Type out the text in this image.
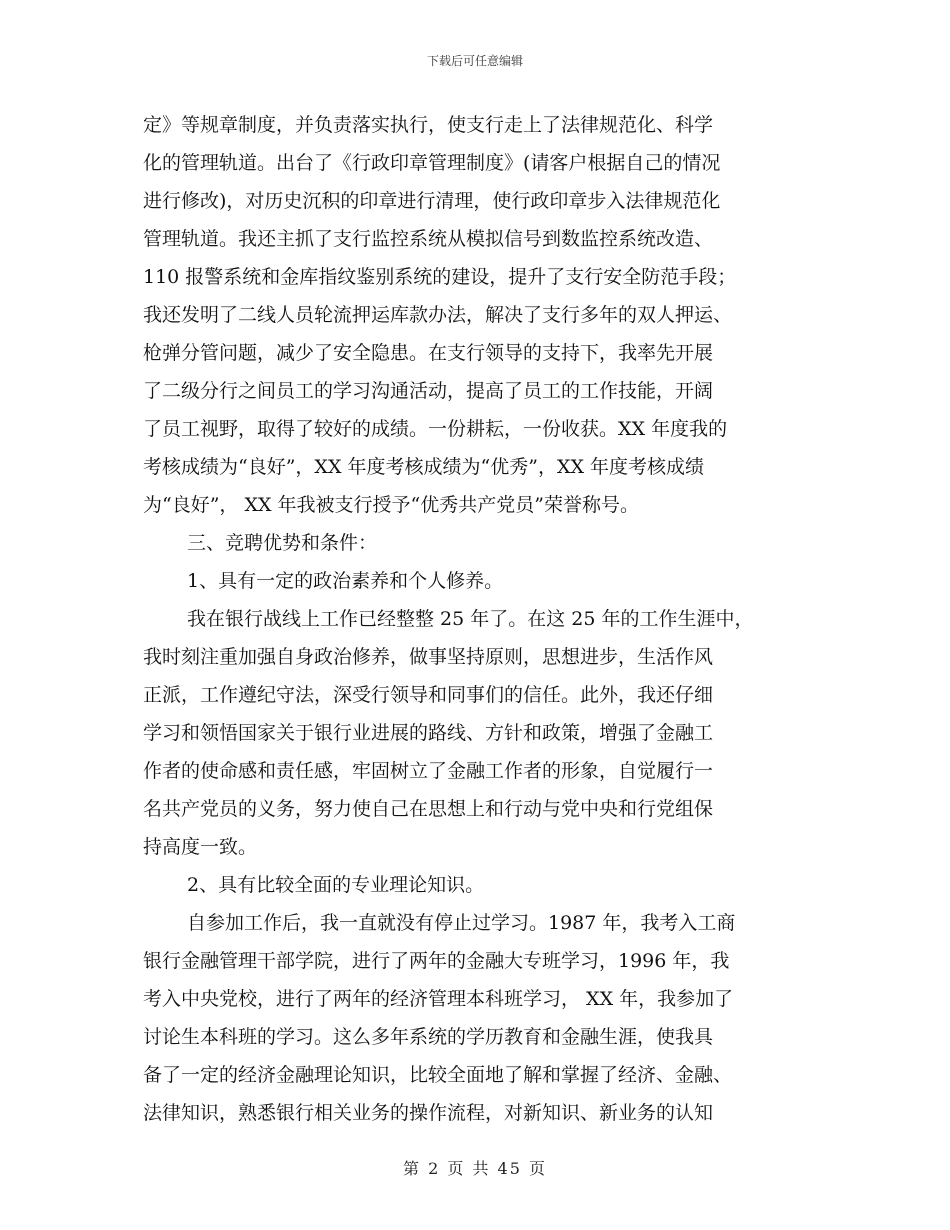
下载后可任意编辑
定》等规章制度，并负责落实执行，使支行走上了法律规范化、科学
化的管理轨道。出台了《行政印章管理制度》(请客户根据自己的情况
进行修改)，对历史沉积的印章进行清理，使行政印章步入法律规范化
管理轨道。我还主抓了支行监控系统从模拟信号到数监控系统改造、
110 报警系统和金库指纹鉴别系统的建设，提升了支行安全防范手段；
我还发明了二线人员轮流押运库款办法，解决了支行多年的双人押运、
枪弹分管问题，减少了安全隐患。在支行领导的支持下，我率先开展
了二级分行之间员工的学习沟通活动，提高了员工的工作技能，开阔
了员工视野，取得了较好的成绩。一份耕耘，一份收获。XX 年度我的
考核成绩为“良好”，XX 年度考核成绩为“优秀”，XX 年度考核成绩
为“良好”， XX 年我被支行授予“优秀共产党员”荣誉称号。
三、竞聘优势和条件：
1、具有一定的政治素养和个人修养。
我在银行战线上工作已经整整 25 年了。在这 25 年的工作生涯中，
我时刻注重加强自身政治修养，做事坚持原则，思想进步，生活作风
正派，工作遵纪守法，深受行领导和同事们的信任。此外，我还仔细
学习和领悟国家关于银行业进展的路线、方针和政策，增强了金融工
作者的使命感和责任感，牢固树立了金融工作者的形象，自觉履行一
名共产党员的义务，努力使自己在思想上和行动与党中央和行党组保
持高度一致。
2、具有比较全面的专业理论知识。
自参加工作后，我一直就没有停止过学习。1987 年，我考入工商
银行金融管理干部学院，进行了两年的金融大专班学习，1996 年，我
考入中央党校，进行了两年的经济管理本科班学习， XX 年，我参加了
讨论生本科班的学习。这么多年系统的学历教育和金融生涯，使我具
备了一定的经济金融理论知识，比较全面地了解和掌握了经济、金融、
法律知识，熟悉银行相关业务的操作流程，对新知识、新业务的认知
第 2 页 共 45 页
